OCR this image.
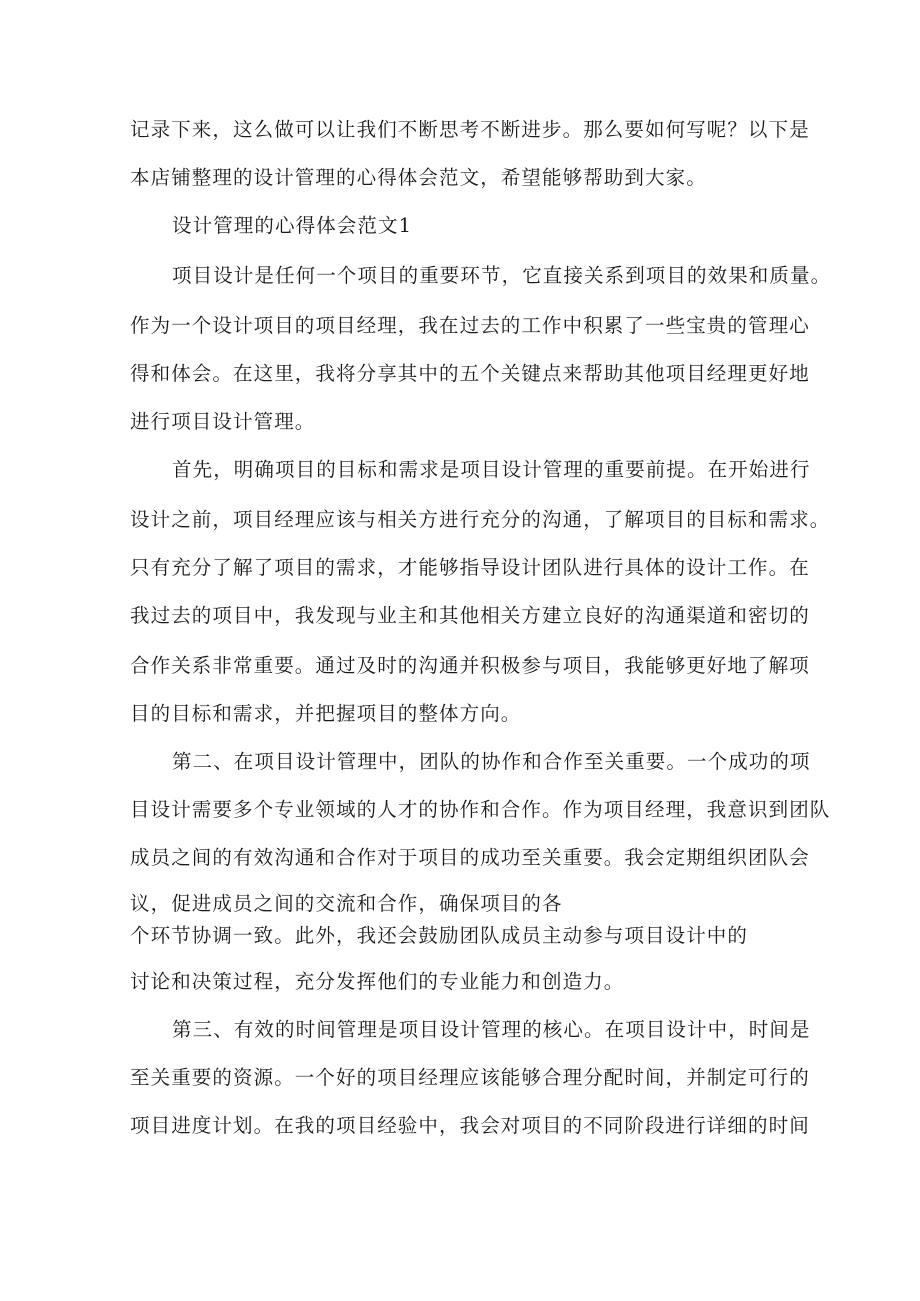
记录下来，这么做可以让我们不断思考不断进步。那么要如何写呢？以下是
本店铺整理的设计管理的心得体会范文，希望能够帮助到大家。
设计管理的心得体会范文1
项目设计是任何一个项目的重要环节，它直接关系到项目的效果和质量。
作为一个设计项目的项目经理，我在过去的工作中积累了一些宝贵的管理心
得和体会。在这里，我将分享其中的五个关键点来帮助其他项目经理更好地
进行项目设计管理。
首先，明确项目的目标和需求是项目设计管理的重要前提。在开始进行
设计之前，项目经理应该与相关方进行充分的沟通，了解项目的目标和需求。
只有充分了解了项目的需求，才能够指导设计团队进行具体的设计工作。在
我过去的项目中，我发现与业主和其他相关方建立良好的沟通渠道和密切的
合作关系非常重要。通过及时的沟通并积极参与项目，我能够更好地了解项
目的目标和需求，并把握项目的整体方向。
第二、在项目设计管理中，团队的协作和合作至关重要。一个成功的项
目设计需要多个专业领域的人才的协作和合作。作为项目经理，我意识到团队
成员之间的有效沟通和合作对于项目的成功至关重要。我会定期组织团队会
议，促进成员之间的交流和合作，确保项目的各
个环节协调一致。此外，我还会鼓励团队成员主动参与项目设计中的
讨论和决策过程，充分发挥他们的专业能力和创造力。
第三、有效的时间管理是项目设计管理的核心。在项目设计中，时间是
至关重要的资源。一个好的项目经理应该能够合理分配时间，并制定可行的
项目进度计划。在我的项目经验中，我会对项目的不同阶段进行详细的时间
